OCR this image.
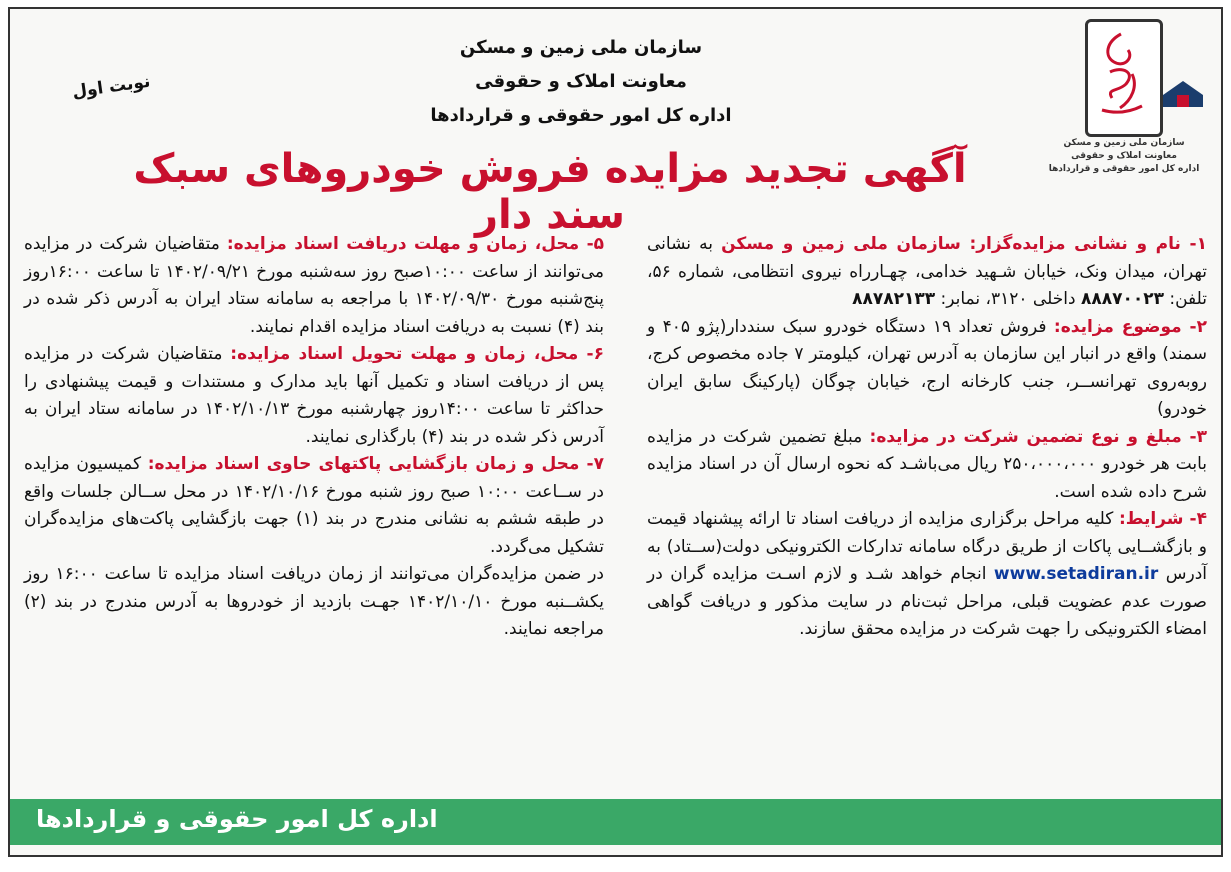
سازمان ملی زمین و مسکن
معاونت املاک و حقوقی
اداره کل امور حقوقی و قراردادها
سازمان ملی زمین و مسکن
معاونت املاک و حقوقی
اداره کل امور حقوقی و قراردادها
نوبت اول
آگهی تجدید مزایده فروش خودروهای سبک سند دار
۱- نام و نشانی مزایده‌گزار: سازمان ملی زمین و مسکن به نشانی تهران، میدان ونک، خیابان شـهید خدامی، چهـارراه نیروی انتظامی، شماره ۵۶، تلفن: ۸۸۸۷۰۰۲۳ داخلی ۳۱۲۰، نمابر: ۸۸۷۸۲۱۳۳
۲- موضوع مزایده: فروش تعداد ۱۹ دستگاه خودرو سبک سنددار(پژو ۴۰۵ و سمند) واقع در انبار این سازمان به آدرس تهران، کیلومتر ۷ جاده مخصوص کرج، روبه‌روی تهرانســر، جنب کارخانه ارج، خیابان چوگان (پارکینگ سابق ایران خودرو)
۳- مبلغ و نوع تضمین شرکت در مزایده: مبلغ تضمین شرکت در مزایده بابت هر خودرو ۲۵۰،۰۰۰،۰۰۰ ریال می‌باشـد که نحوه ارسال آن در اسناد مزایده شرح داده شده است.
۴- شرایط: کلیه مراحل برگزاری مزایده از دریافت اسناد تا ارائه پیشنهاد قیمت و بازگشــایی پاکات از طریق درگاه سامانه تدارکات الکترونیکی دولت(ســتاد) به آدرس www.setadiran.ir انجام خواهد شـد و لازم اسـت مزایده گران در صورت عدم عضویت قبلی، مراحل ثبت‌نام در سایت مذکور و دریافت گواهی امضاء الکترونیکی را جهت شرکت در مزایده محقق سازند.
۵- محل، زمان و مهلت دریافت اسناد مزایده: متقاضیان شرکت در مزایده می‌توانند از ساعت ۱۰:۰۰صبح روز سه‌شنبه مورخ ۱۴۰۲/۰۹/۲۱ تا ساعت ۱۶:۰۰روز پنج‌شنبه مورخ ۱۴۰۲/۰۹/۳۰ با مراجعه به سامانه ستاد ایران به آدرس ذکر شده در بند (۴) نسبت به دریافت اسناد مزایده اقدام نمایند.
۶- محل، زمان و مهلت تحویل اسناد مزایده: متقاضیان شرکت در مزایده پس از دریافت اسناد و تکمیل آنها باید مدارک و مستندات و قیمت پیشنهادی را حداکثر تا ساعت ۱۴:۰۰روز چهارشنبه مورخ ۱۴۰۲/۱۰/۱۳ در سامانه ستاد ایران به آدرس ذکر شده در بند (۴) بارگذاری نمایند.
۷- محل و زمان بازگشایی پاکتهای حاوی اسناد مزایده: کمیسیون مزایده در ســاعت ۱۰:۰۰ صبح روز شنبه مورخ ۱۴۰۲/۱۰/۱۶ در محل ســالن جلسات واقع در طبقه ششم به نشانی مندرج در بند (۱) جهت بازگشایی پاکت‌های مزایده‌گران تشکیل می‌گردد.
در ضمن مزایده‌گران می‌توانند از زمان دریافت اسناد مزایده تا ساعت ۱۶:۰۰ روز یکشــنبه مورخ ۱۴۰۲/۱۰/۱۰ جهـت بازدید از خودروها به آدرس مندرج در بند (۲) مراجعه نمایند.
اداره کل امور حقوقی و قراردادها
